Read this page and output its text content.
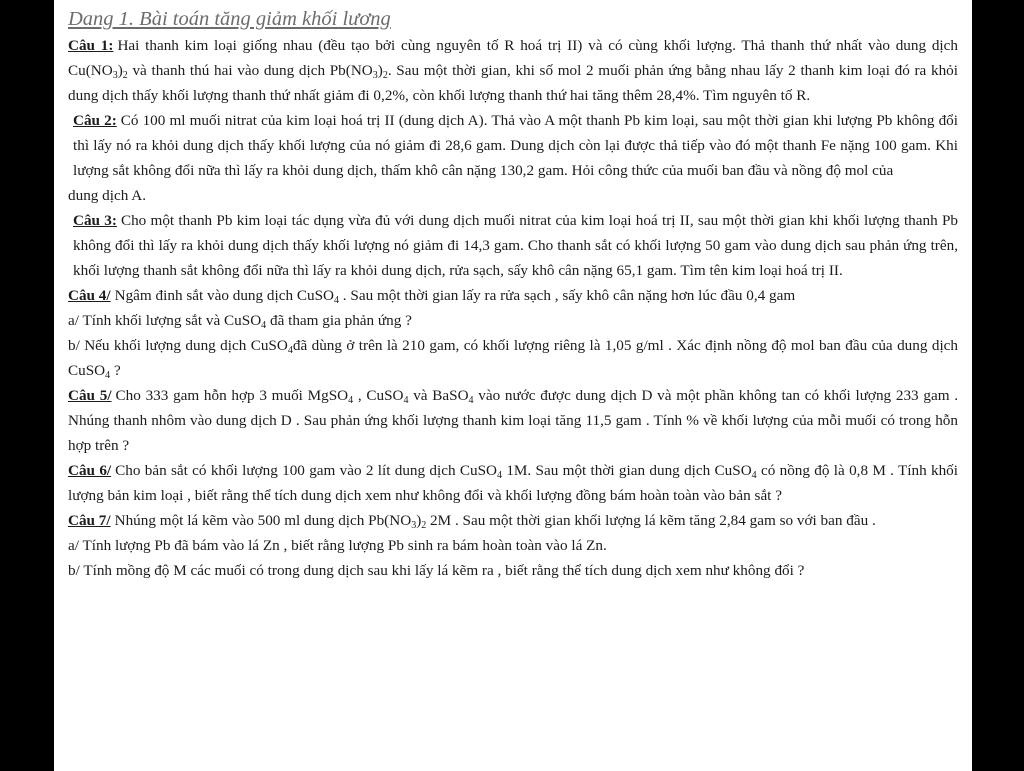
Dang 1. Bài toán tăng giảm khối lương

Câu 1: Hai thanh kim loại giống nhau (đều tạo bởi cùng nguyên tố R hoá trị II) và có cùng khối lượng. Thả thanh thứ nhất vào dung dịch $Cu(NO_3)_2$ và thanh thú hai vào dung dịch $Pb(NO_3)_2$. Sau một thời gian, khi số mol 2 muối phản ứng bằng nhau lấy 2 thanh kim loại đó ra khỏi dung dịch thấy khối lượng thanh thứ nhất giảm đi 0,2%, còn khối lượng thanh thứ hai tăng thêm 28,4%. Tìm nguyên tố R.

Câu 2: Có 100 ml muối nitrat của kim loại hoá trị II (dung dịch A). Thả vào A một thanh Pb kim loại, sau một thời gian khi lượng Pb không đổi thì lấy nó ra khỏi dung dịch thấy khối lượng của nó giảm đi 28,6 gam. Dung dịch còn lại được thả tiếp vào đó một thanh Fe nặng 100 gam. Khi lượng sắt không đổi nữa thì lấy ra khỏi dung dịch, thấm khô cân nặng 130,2 gam. Hỏi công thức của muối ban đầu và nồng độ mol của

dung dịch A.

Câu 3: Cho một thanh Pb kim loại tác dụng vừa đủ với dung dịch muối nitrat của kim loại hoá trị II, sau một thời gian khi khối lượng thanh Pb không đổi thì lấy ra khỏi dung dịch thấy khối lượng nó giảm đi 14,3 gam. Cho thanh sắt có khối lượng 50 gam vào dung dịch sau phản ứng trên, khối lượng thanh sắt không đổi nữa thì lấy ra khỏi dung dịch, rửa sạch, sấy khô cân nặng 65,1 gam. Tìm tên kim loại hoá trị II.

Câu 4/ Ngâm đinh sắt vào dung dịch CuSO$_4$ . Sau một thời gian lấy ra rửa sạch , sấy khô cân nặng hơn lúc đầu 0,4 gam

a/ Tính khối lượng sắt và CuSO$_4$ đã tham gia phản ứng ?

b/ Nếu khối lượng dung dịch CuSO$_4$đã dùng ở trên là 210 gam, có khối lượng riêng là 1,05 g/ml . Xác định nồng độ mol ban đầu của dung dịch CuSO$_4$ ?

Câu 5/ Cho 333 gam hỗn hợp 3 muối MgSO$_4$ , CuSO$_4$ và BaSO$_4$ vào nước được dung dịch D và một phần không tan có khối lượng 233 gam . Nhúng thanh nhôm vào dung dịch D . Sau phản ứng khối lượng thanh kim loại tăng 11,5 gam . Tính % về khối lượng của mỗi muối có trong hỗn hợp trên ?

Câu 6/ Cho bản sắt có khối lượng 100 gam vào 2 lít dung dịch CuSO$_4$ 1M. Sau một thời gian dung dịch CuSO$_4$ có nồng độ là 0,8 M . Tính khối lượng bản kim loại , biết rằng thể tích dung dịch xem như không đổi và khối lượng đồng bám hoàn toàn vào bản sắt ?

Câu 7/ Nhúng một lá kẽm vào 500 ml dung dịch $Pb(NO_3)_2$ 2M . Sau một thời gian khối lượng lá kẽm tăng 2,84 gam so với ban đầu .

a/ Tính lượng Pb đã bám vào lá Zn , biết rằng lượng Pb sinh ra bám hoàn toàn vào lá Zn.

b/ Tính mồng độ M các muối có trong dung dịch sau khi lấy lá kẽm ra , biết rằng thể tích dung dịch xem như không đổi ?
